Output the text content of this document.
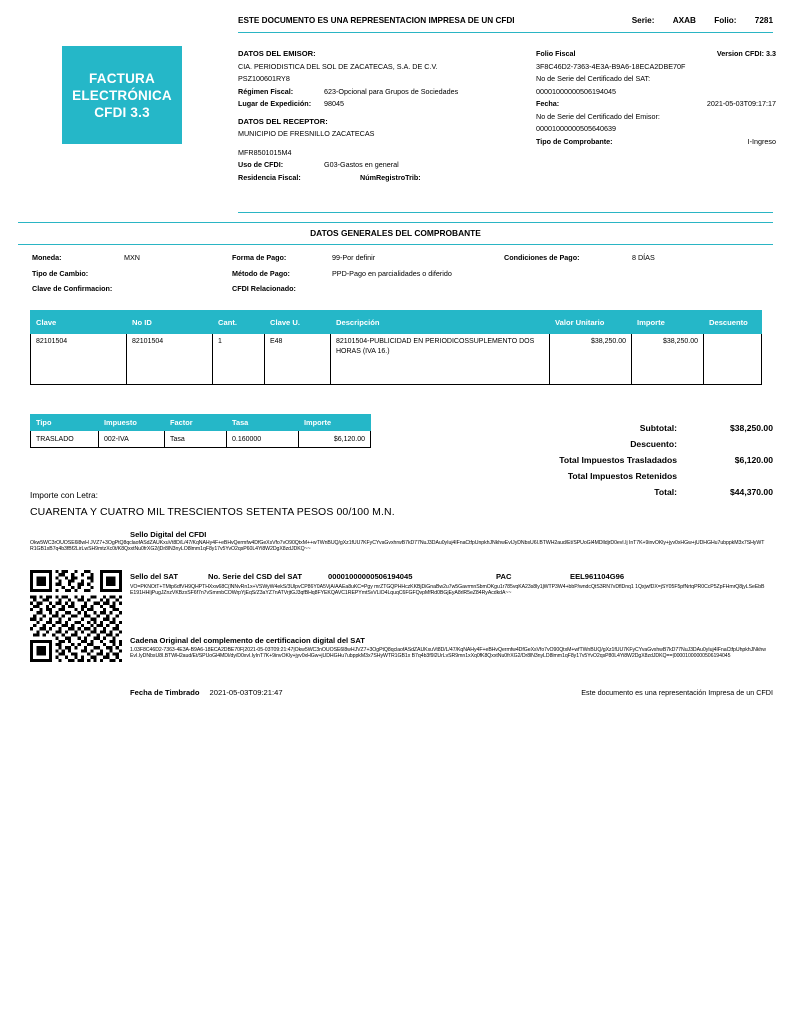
ESTE DOCUMENTO ES UNA REPRESENTACION IMPRESA DE UN CFDI	Serie: AXAB Folio: 7281
FACTURA
ELECTRÓNICA
CFDI 3.3
DATOS DEL EMISOR:
CIA. PERIODISTICA DEL SOL DE ZACATECAS, S.A. DE C.V.
PSZ100601RY8
Régimen Fiscal:	623-Opcional para Grupos de Sociedades
Lugar de Expedición:	98045
DATOS DEL RECEPTOR:
MUNICIPIO DE FRESNILLO ZACATECAS
MFR8501015M4
Uso de CFDI:	G03-Gastos en general
Residencia Fiscal:	NúmRegistroTrib:
Folio Fiscal	Version CFDI: 3.3
3F8C46D2-7363-4E3A-B9A6-18ECA2DBE70F
No de Serie del Certificado del SAT:
00001000000506194045
Fecha:	2021-05-03T09:17:17
No de Serie del Certificado del Emisor:
00001000000505640639
Tipo de Comprobante:	I-Ingreso
DATOS GENERALES DEL COMPROBANTE
Moneda:	MXN	Forma de Pago:	99-Por definir	Condiciones de Pago:	8 DÍAS
Tipo de Cambio:	Método de Pago:	PPD-Pago en parcialidades o diferido
Clave de Confirmacion:	CFDI Relacionado:
Clave	No ID	Cant.	Clave U.	Descripción	Valor Unitario	Importe	Descuento
82101504	82101504	1	E48	82101504-PUBLICIDAD EN PERIODICOSSUPLEMENTO DOS HORAS (IVA 16.)	$38,250.00	$38,250.00	
Tipo	Impuesto	Factor	Tasa	Importe
TRASLADO	002-IVA	Tasa	0.160000	$6,120.00
Subtotal:	$38,250.00
Descuento:
Total Impuestos Trasladados	$6,120.00
Total Impuestos Retenidos
Total:	$44,370.00
Importe con Letra:
CUARENTA Y CUATRO MIL TRESCIENTOS SETENTA PESOS 00/100 M.N.
Sello Digital del CFDI
Okw5WC3rOUOSE6l8wH JVZ7+3OgPtQ8qclaofASdZAUKxuVt8D/L/47/KqNAHy4F+eBHvQermfw4DfGeXsVfo7vO90QtxM++wTWnBUQ/gXz1fUU7KFyCYvaGvxhrwB7kD77NuJ3DAu0yIuj4IFnaCtfpUnpkhJNkhwEvIJyDNbsU6I.BTWH2aud/Et/SPUoGl4MDlldjrD0evI.Ij InT7K+9invOKly+jyv0xHGw+jUDHGHu7ubppkM3x7SHyWTR1GB1xB7q4b3fBf2LirLwSH9mtzXc0t/K8QxxtNu0frXG2/jDr8lN3nyLO8lmm1qF8y17v5YvO2qsP60L4Yi8W2DgX8zdJDKQ~~
Sello del SAT	No. Serie del CSD del SAT	00001000000506194045	PAC	EEL961104G96
VO=PKNOtT+TMtp6dfVH9QHPTHXxw68C(lNNvRn1x+VSWyW4ekS/3UlpvCP86Y0A5VjA/AAEa8uKC=Pgy mrZTGQPHHczKKBjDiGnaBw2u7w5GavrmnSbmOKgu1r785vqKA23s8ly1jWTP3W4+bbP/wndcQtS3RN7vDflDnq1 1QxjwfDX=jSY05F5pfNrtqPR0CcP5ZpFHmrQ8jyLSeEbBE191HHIjPugJZnzVKBzxSF6f7n7vSmrnbCOWrpYjEqS/Z3aYZ7nATVrjtGJ3qfBHq8FYEKQAVC1REPYmtSvVLlO4LquqC6FGFQvpMfRd0BGjEyA8rlR5eZ84RyAcdkdA~~
Cadena Original del complemento de certificacion digital del SAT
1.03F8C46D2-7363-4E3A-B9A6-18ECA2DBE70F|2021-05-03T09:21:47|Okw5WC3nOUOSE6l8wHJVZ7+3OgPtQ8qclaofASdZAUKxuVt8D/L/47/KqNAHy4F+eBHvQermfw4DfGeXsVfo7vO90QtxM+wfTWnBUQ/gXz1fUU7KFyCYvaGvxhwB7kD77NuJ3DAu0yIuj4IFnaCtfpUhpkhJNkhwEvI.IyDNbsU8I.BTWH2aud/Et/SPUoGl4MDl/dy/D0xvI.IyInT7K+9invOKly+jyv0xHGw+jUDHGHu7ubppkM3x7SHyWTR1GB1x B7q4b3f9l2UrLvSR9mn1xXq0fK8QxxtNu0frXG2/Dr8lN3nyLD8lmm1qF8y17v5YvO2qsP80L4Yi8W2DgX8zdJDKQ==|00001000000506194045
Fecha de Timbrado 2021-05-03T09:21:47	Este documento es una representación Impresa de un CFDI
